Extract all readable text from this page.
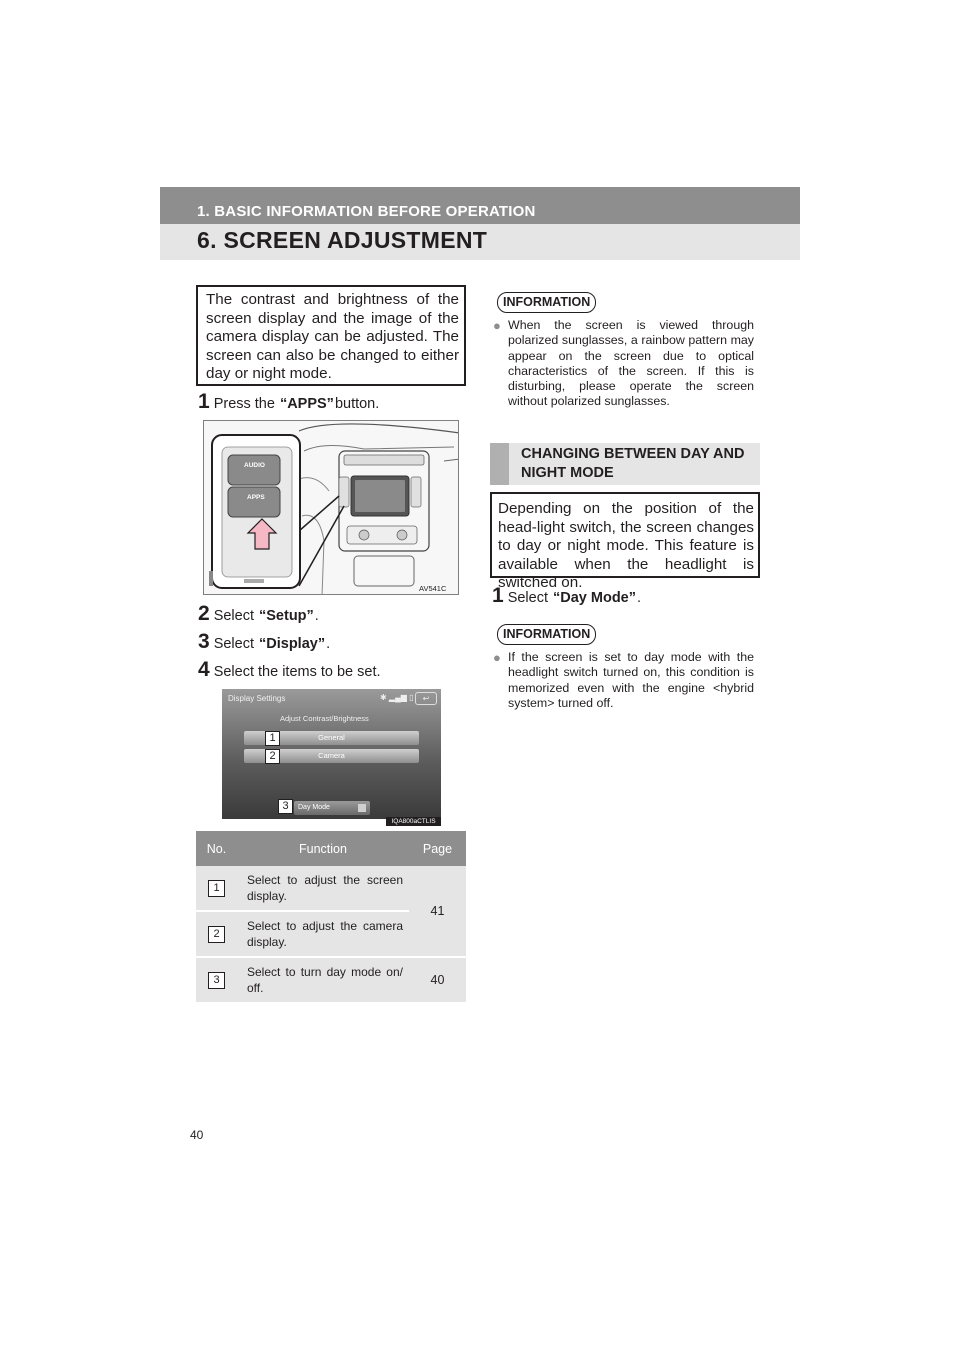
1. BASIC INFORMATION BEFORE OPERATION
6. SCREEN ADJUSTMENT
The contrast and brightness of the screen display and the image of the camera display can be adjusted. The screen can also be changed to either day or night mode.
1 Press the “APPS” button.
AUDIO
APPS
AV541C
2 Select “Setup” .
3 Select “Display” .
4 Select the items to be set.
Display Settings	✱ ▂▄▆ ▯	↩
Adjust Contrast/Brightness
General
Camera
Day Mode
1
2
3
IQA800aCTLIS
No.	Function	Page
1	Select to adjust the screen display.	41
2	Select to adjust the camera display.	
3	Select to turn day mode on/ off.	40
INFORMATION
● When the screen is viewed through polarized sunglasses, a rainbow pattern may appear on the screen due to optical characteristics of the screen. If this is disturbing, please operate the screen without polarized sunglasses.
CHANGING BETWEEN DAY AND NIGHT MODE
Depending on the position of the head-light switch, the screen changes to day or night mode. This feature is available when the headlight is switched on.
1 Select “Day Mode” .
INFORMATION
● If the screen is set to day mode with the headlight switch turned on, this condition is memorized even with the engine <hybrid system> turned off.
40
